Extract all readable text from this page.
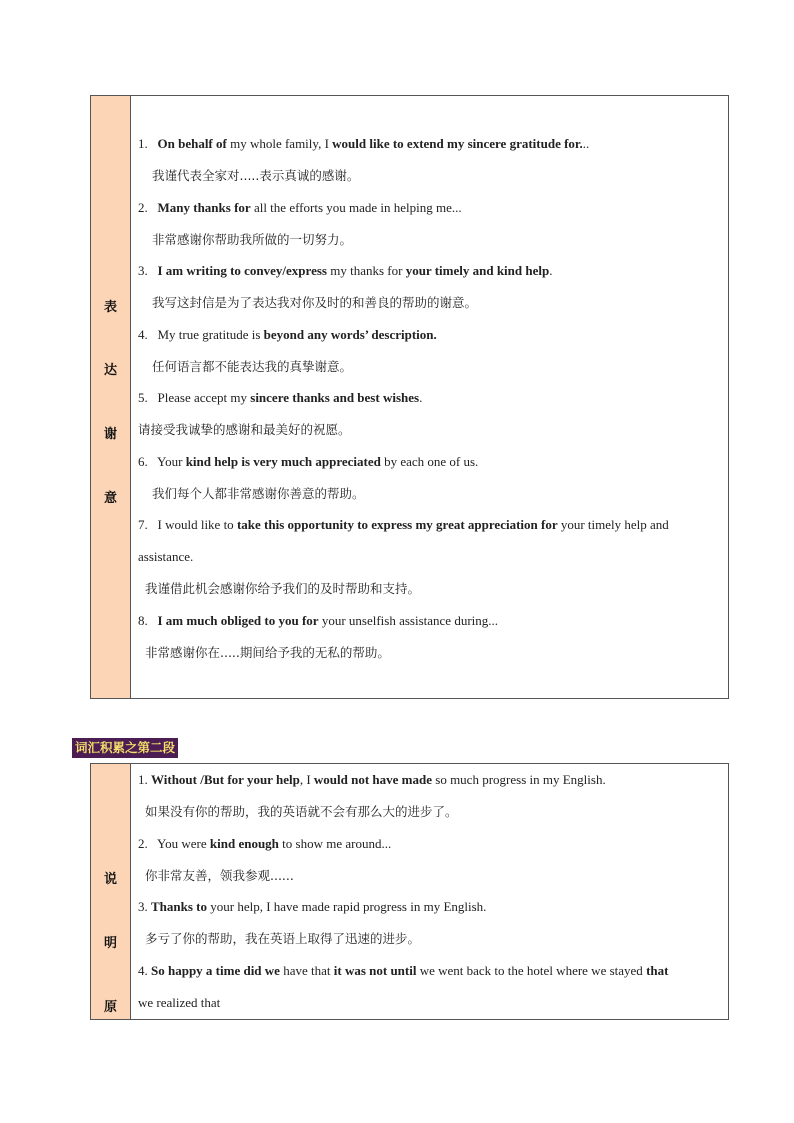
表
达
谢
意
1. On behalf of my whole family, I would like to extend my sincere gratitude for...
我谨代表全家对.....表示真诚的感谢。
2. Many thanks for all the efforts you made in helping me...
非常感谢你帮助我所做的一切努力。
3. I am writing to convey/express my thanks for your timely and kind help.
我写这封信是为了表达我对你及时的和善良的帮助的谢意。
4. My true gratitude is beyond any words’ description.
任何语言都不能表达我的真挚谢意。
5. Please accept my sincere thanks and best wishes.
请接受我诚挚的感谢和最美好的祝愿。
6. Your kind help is very much appreciated by each one of us.
我们每个人都非常感谢你善意的帮助。
7. I would like to take this opportunity to express my great appreciation for your timely help and
assistance.
我谨借此机会感谢你给予我们的及时帮助和支持。
8. I am much obliged to you for your unselfish assistance during...
非常感谢你在.....期间给予我的无私的帮助。
词汇积累之第二段
说
明
原
1. Without /But for your help, I would not have made so much progress in my English.
如果没有你的帮助，我的英语就不会有那么大的进步了。
2. You were kind enough to show me around...
你非常友善，领我参观......
3. Thanks to your help, I have made rapid progress in my English.
多亏了你的帮助，我在英语上取得了迅速的进步。
4. So happy a time did we have that it was not until we went back to the hotel where we stayed that
we realized that
